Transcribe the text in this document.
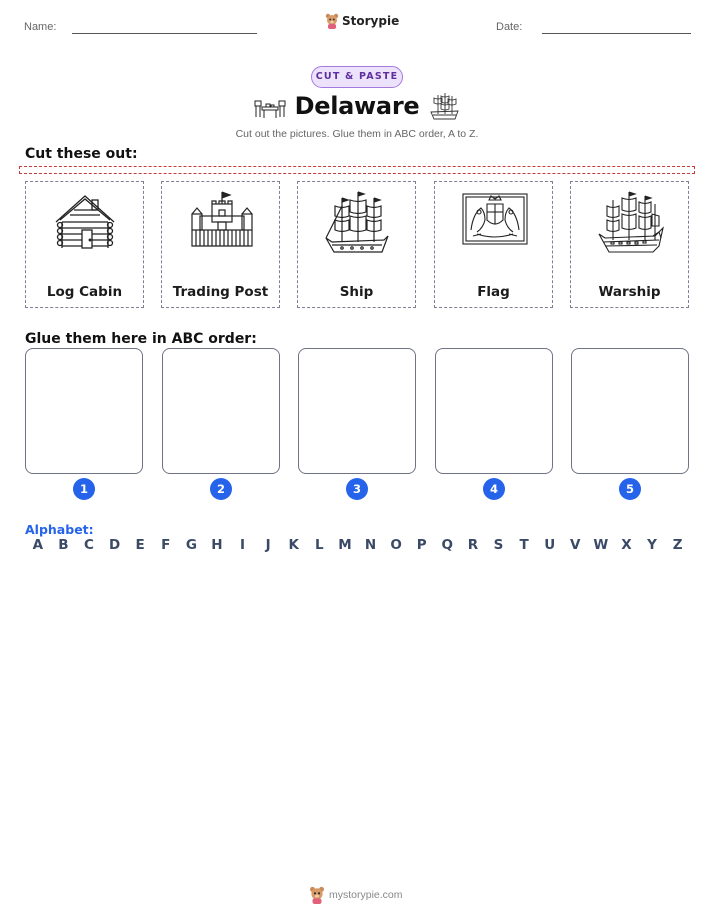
Name:	Storypie	Date:
CUT & PASTE
Delaware
Cut out the pictures. Glue them in ABC order, A to Z.
Cut these out:
Log Cabin	Trading Post	Ship	Flag	Warship
Glue them here in ABC order:
1	2	3	4	5
Alphabet:
A	B	C	D	E	F	G	H	I	J	K	L	M N	O	P	Q	R	S	T	U	V W X	Y	Z
mystorypie.com
